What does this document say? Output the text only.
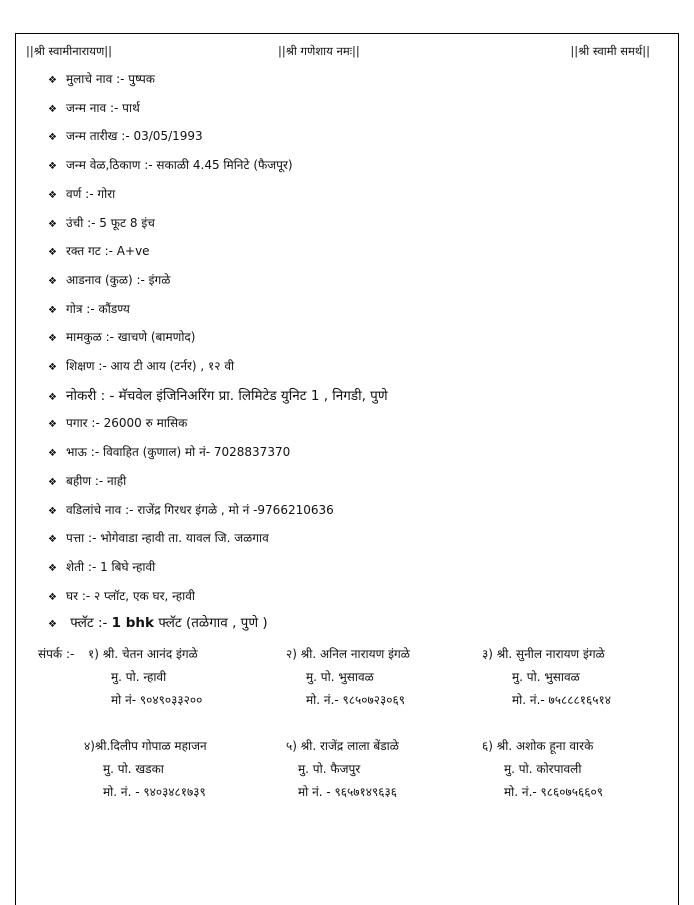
||श्री स्वामीनारायण||	||श्री गणेशाय नमः||	||श्री स्वामी समर्थ||
❖ मुलाचे नाव :- पुष्पक
❖ जन्म नाव :- पार्थ
❖ जन्म तारीख :- 03/05/1993
❖ जन्म वेळ,ठिकाण :- सकाळी 4.45 मिनिटे (फैजपूर)
❖ वर्ण :- गोरा
❖ उंची :- 5 फूट 8 इंच
❖ रक्त गट :- A+ve
❖ आडनाव (कुळ) :- इंगळे
❖ गोत्र :- कौंडण्य
❖ मामकुळ :- खाचणे (बामणोद)
❖ शिक्षण :- आय टी आय (टर्नर) , १२ वी
❖ नोकरी : - मॅचवेल इंजिनिअरिंग प्रा. लिमिटेड युनिट 1 , निगडी, पुणे
❖ पगार :- 26000 रु मासिक
❖ भाऊ :- विवाहित (कुणाल) मो नं- 7028837370
❖ बहीण :- नाही
❖ वडिलांचे नाव :- राजेंद्र गिरधर इंगळे , मो नं -9766210636
❖ पत्ता :- भोगेवाडा न्हावी ता. यावल जि. जळगाव
❖ शेती :- 1 बिघे न्हावी
❖ घर :- २ प्लॉट, एक घर, न्हावी
❖ फ्लॅट :- 1 bhk फ्लॅट (तळेगाव , पुणे )
संपर्क :- १) श्री. चेतन आनंद इंगळे
मु. पो. न्हावी
मो नं- ९०४९०३३२००
२) श्री. अनिल नारायण इंगळे
मु. पो. भुसावळ
मो. नं.- ९८५०७२३०६९
३) श्री. सुनील नारायण इंगळे
मु. पो. भुसावळ
मो. नं.- ७५८८८१६५१४
४)श्री.दिलीप गोपाळ महाजन
मु. पो. खडका
मो. नं. - ९४०३४८१७३९
५) श्री. राजेंद्र लाला बेंडाळे
मु. पो. फैजपुर
मो नं. - ९६५७१४९६३६
६) श्री. अशोक हूना वारके
मु. पो. कोरपावली
मो. नं.- ९८६०७५६६०९
